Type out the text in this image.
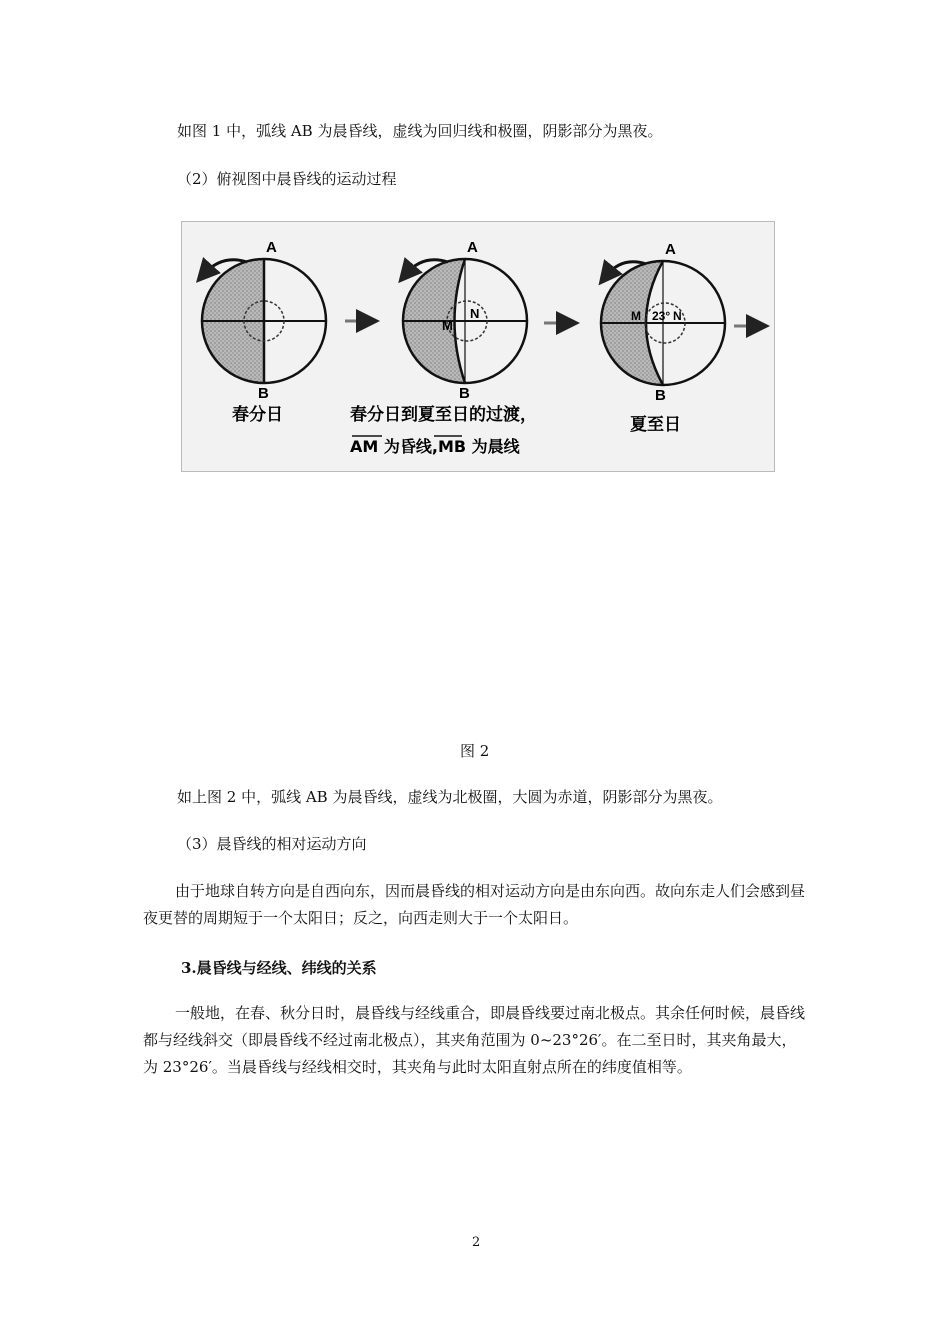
如图 1 中，弧线 AB 为晨昏线，虚线为回归线和极圈，阴影部分为黑夜。
（2）俯视图中晨昏线的运动过程
A
B
A
M
N
B
A
M 23° N
B
春分日	春分日到夏至日的过渡，
AM 为昏线,MB 为晨线
夏至日
图 2
如上图 2 中，弧线 AB 为晨昏线，虚线为北极圈，大圆为赤道，阴影部分为黑夜。
（3）晨昏线的相对运动方向
由于地球自转方向是自西向东，因而晨昏线的相对运动方向是由东向西。故向东走人们会感到昼夜更替的周期短于一个太阳日；反之，向西走则大于一个太阳日。
3.晨昏线与经线、纬线的关系
一般地，在春、秋分日时，晨昏线与经线重合，即晨昏线要过南北极点。其余任何时候，晨昏线都与经线斜交（即晨昏线不经过南北极点），其夹角范围为 0~23°26′。在二至日时，其夹角最大，为 23°26′。当晨昏线与经线相交时，其夹角与此时太阳直射点所在的纬度值相等。
2
